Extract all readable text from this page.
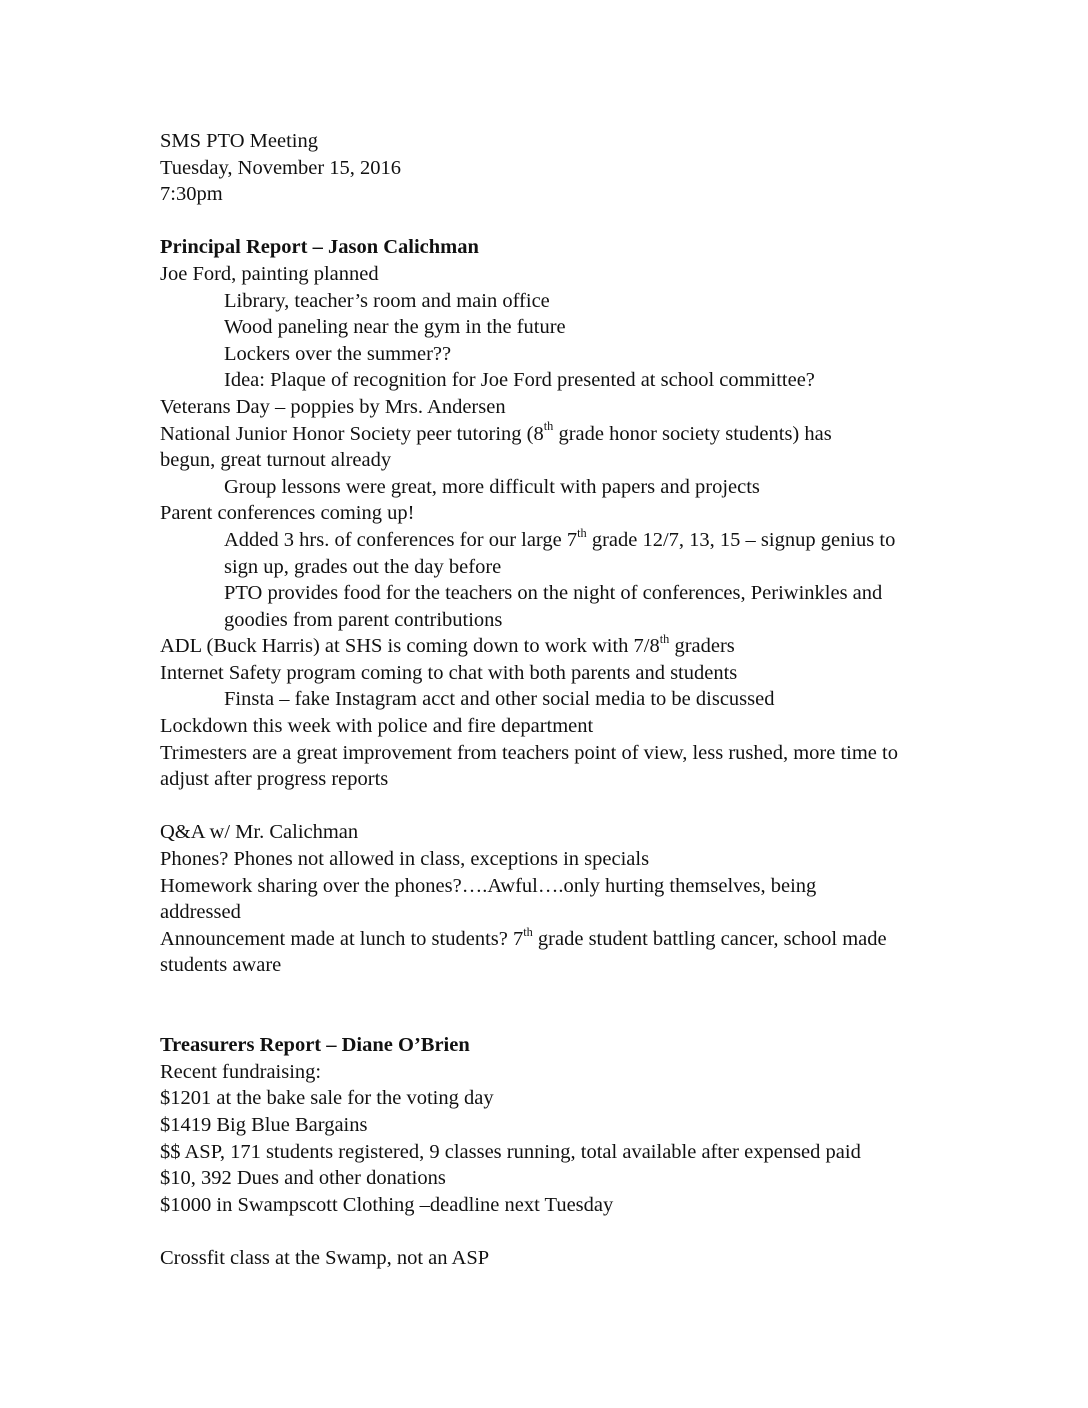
SMS PTO Meeting
Tuesday, November 15, 2016
7:30pm
Principal Report – Jason Calichman
Joe Ford, painting planned
Library, teacher’s room and main office
Wood paneling near the gym in the future
Lockers over the summer??
Idea: Plaque of recognition for Joe Ford presented at school committee?
Veterans Day – poppies by Mrs. Andersen
National Junior Honor Society peer tutoring (8th grade honor society students) has
begun, great turnout already
Group lessons were great, more difficult with papers and projects
Parent conferences coming up!
Added 3 hrs. of conferences for our large 7th grade 12/7, 13, 15 – signup genius to
sign up, grades out the day before
PTO provides food for the teachers on the night of conferences, Periwinkles and
goodies from parent contributions
ADL (Buck Harris) at SHS is coming down to work with 7/8th graders
Internet Safety program coming to chat with both parents and students
Finsta – fake Instagram acct and other social media to be discussed
Lockdown this week with police and fire department
Trimesters are a great improvement from teachers point of view, less rushed, more time to
adjust after progress reports
Q&A w/ Mr. Calichman
Phones? Phones not allowed in class, exceptions in specials
Homework sharing over the phones?….Awful….only hurting themselves, being
addressed
Announcement made at lunch to students? 7th grade student battling cancer, school made
students aware
Treasurers Report – Diane O’Brien
Recent fundraising:
$1201 at the bake sale for the voting day
$1419 Big Blue Bargains
$$ ASP, 171 students registered, 9 classes running, total available after expensed paid
$10, 392 Dues and other donations
$1000 in Swampscott Clothing –deadline next Tuesday
Crossfit class at the Swamp, not an ASP
